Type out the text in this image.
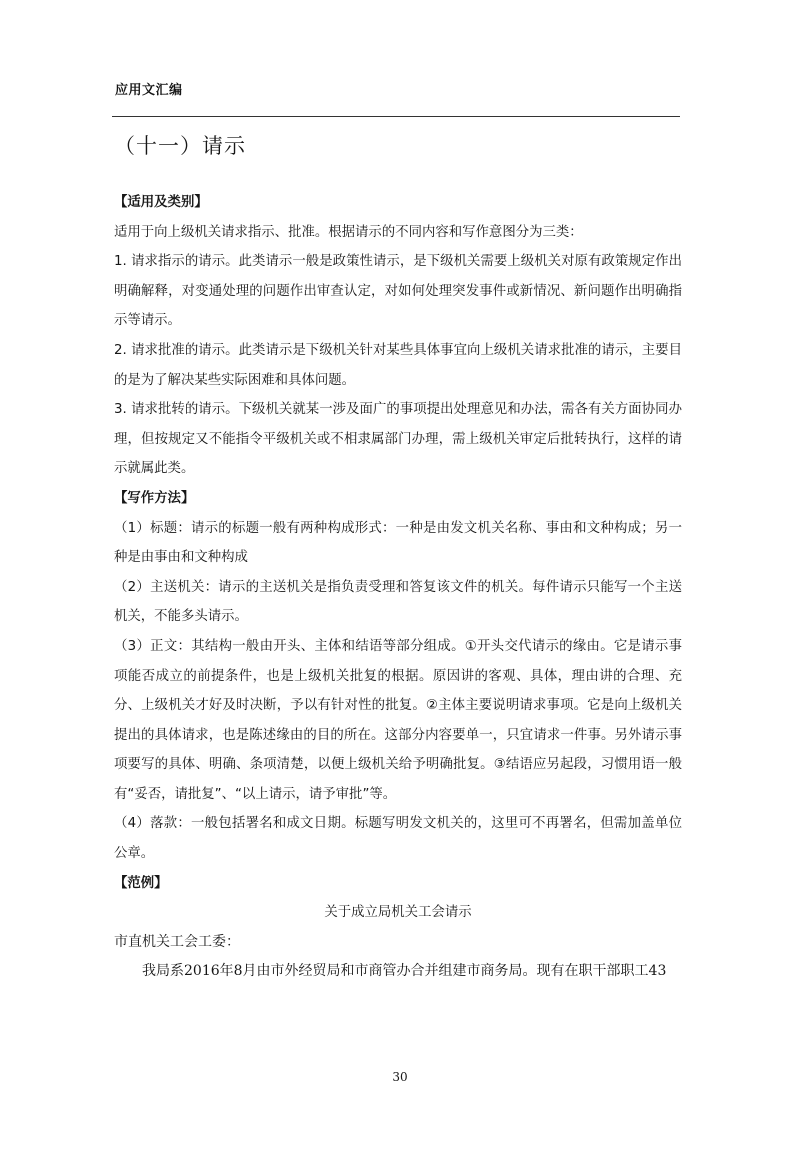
应用文汇编
（十一）请示

【适用及类别】

适用于向上级机关请求指示、批准。根据请示的不同内容和写作意图分为三类：

1. 请求指示的请示。此类请示一般是政策性请示，是下级机关需要上级机关对原有政策规定作出明确解释，对变通处理的问题作出审查认定，对如何处理突发事件或新情况、新问题作出明确指示等请示。

2. 请求批准的请示。此类请示是下级机关针对某些具体事宜向上级机关请求批准的请示，主要目的是为了解决某些实际困难和具体问题。

3. 请求批转的请示。下级机关就某一涉及面广的事项提出处理意见和办法，需各有关方面协同办理，但按规定又不能指令平级机关或不相隶属部门办理，需上级机关审定后批转执行，这样的请示就属此类。

【写作方法】

（1）标题：请示的标题一般有两种构成形式：一种是由发文机关名称、事由和文种构成；另一种是由事由和文种构成

（2）主送机关：请示的主送机关是指负责受理和答复该文件的机关。每件请示只能写一个主送机关，不能多头请示。

（3）正文：其结构一般由开头、主体和结语等部分组成。①开头交代请示的缘由。它是请示事项能否成立的前提条件，也是上级机关批复的根据。原因讲的客观、具体，理由讲的合理、充分、上级机关才好及时决断，予以有针对性的批复。②主体主要说明请求事项。它是向上级机关提出的具体请求，也是陈述缘由的目的所在。这部分内容要单一，只宜请求一件事。另外请示事项要写的具体、明确、条项清楚，以便上级机关给予明确批复。③结语应另起段，习惯用语一般有“妥否，请批复”、“以上请示，请予审批”等。

（4）落款：一般包括署名和成文日期。标题写明发文机关的，这里可不再署名，但需加盖单位公章。

【范例】

关于成立局机关工会请示

市直机关工会工委：

我局系2016年8月由市外经贸局和市商管办合并组建市商务局。现有在职干部职工43

30
